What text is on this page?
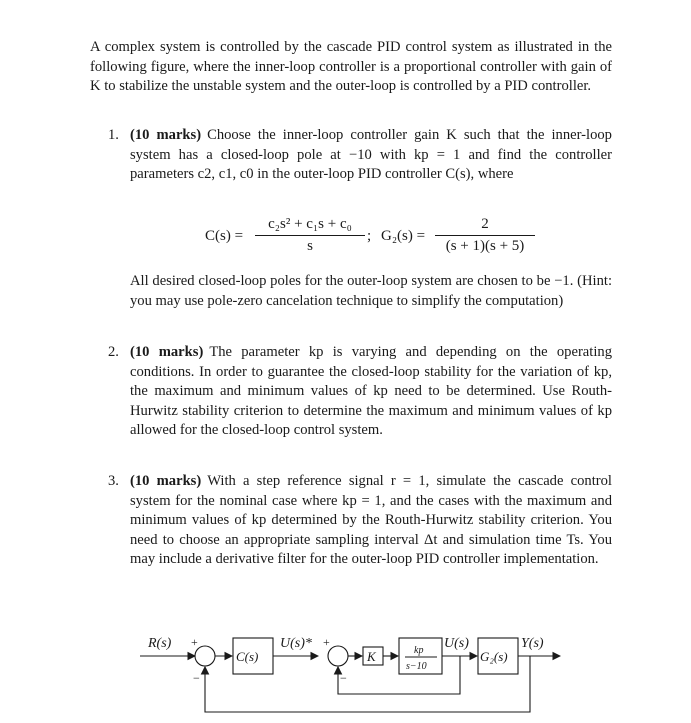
A complex system is controlled by the cascade PID control system as illustrated in the following figure, where the inner-loop controller is a proportional controller with gain of K to stabilize the unstable system and the outer-loop is controlled by a PID controller.
1. (10 marks) Choose the inner-loop controller gain K such that the inner-loop system has a closed-loop pole at −10 with kp = 1 and find the controller parameters c2, c1, c0 in the outer-loop PID controller C(s), where
$C(s) = \frac{\text{c₂s² + c₁s + c₀}}{s}$ ; $G_2(s) = \frac{2}{(s + 1)(s + 5)}$
All desired closed-loop poles for the outer-loop system are chosen to be −1. (Hint: you may use pole-zero cancelation technique to simplify the computation)
2. (10 marks) The parameter kp is varying and depending on the operating conditions. In order to guarantee the closed-loop stability for the variation of kp, the maximum and minimum values of kp need to be determined. Use Routh-Hurwitz stability criterion to determine the maximum and minimum values of kp allowed for the closed-loop control system.
3. (10 marks) With a step reference signal r = 1, simulate the cascade control system for the nominal case where kp = 1, and the cases with the maximum and minimum values of kp determined by the Routh-Hurwitz stability criterion. You need to choose an appropriate sampling interval Δt and simulation time Ts. You may include a derivative filter for the outer-loop PID controller implementation.
R(s) +
−
C(s)
U(s)* +
−
K	kp
s−10
U(s)
G₂(s)
Y(s)
